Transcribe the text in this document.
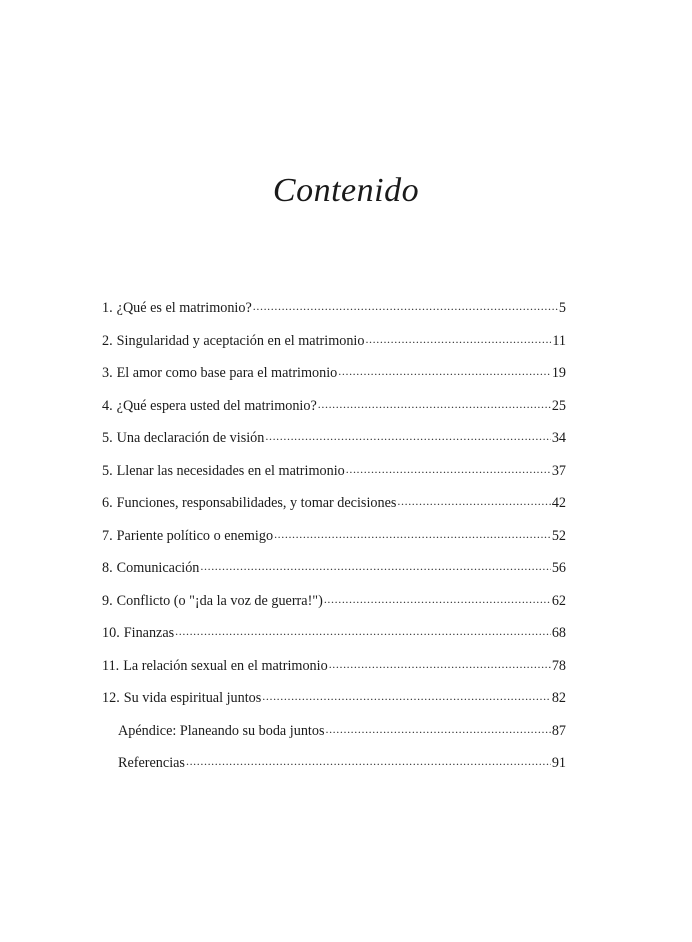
Contenido
1. ¿Qué es el matrimonio? .....	5
2. Singularidad y aceptación en el matrimonio .....	11
3. El amor como base para el matrimonio .....	19
4. ¿Qué espera usted del matrimonio? .....	25
5. Una declaración de visión .....	34
5. Llenar las necesidades en el matrimonio .....	37
6. Funciones, responsabilidades, y tomar decisiones .....	42
7. Pariente político o enemigo .....	52
8. Comunicación .....	56
9. Conflicto (o "¡da la voz de guerra!") .....	62
10. Finanzas .....	68
11. La relación sexual en el matrimonio .....	78
12. Su vida espiritual juntos .....	82
Apéndice: Planeando su boda juntos .....	87
Referencias .....	91
